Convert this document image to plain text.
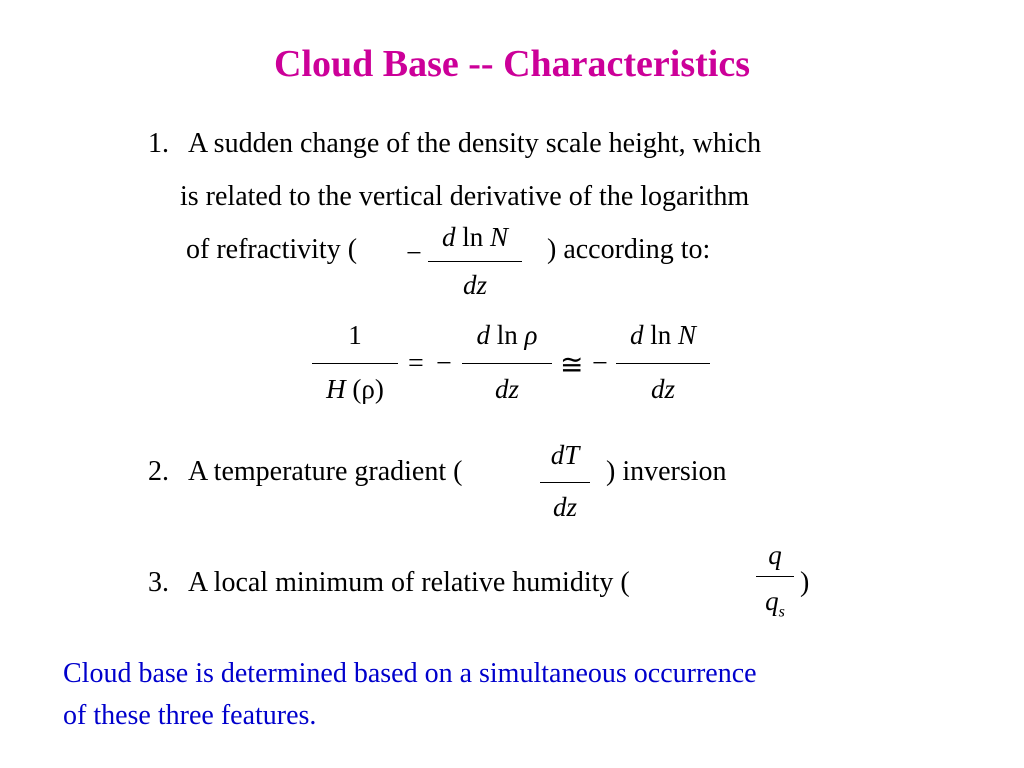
Cloud Base -- Characteristics
1. A sudden change of the density scale height, which
is related to the vertical derivative of the logarithm
of refractivity ( −
d ln N
dz
) according to:
1
H (ρ)
= −
d ln ρ
dz
≅ −
d ln N
dz
2. A temperature gradient (
dT
dz
) inversion
3. A local minimum of relative humidity (
q
$q_s$
)
Cloud base is determined based on a simultaneous occurrence
of these three features.
